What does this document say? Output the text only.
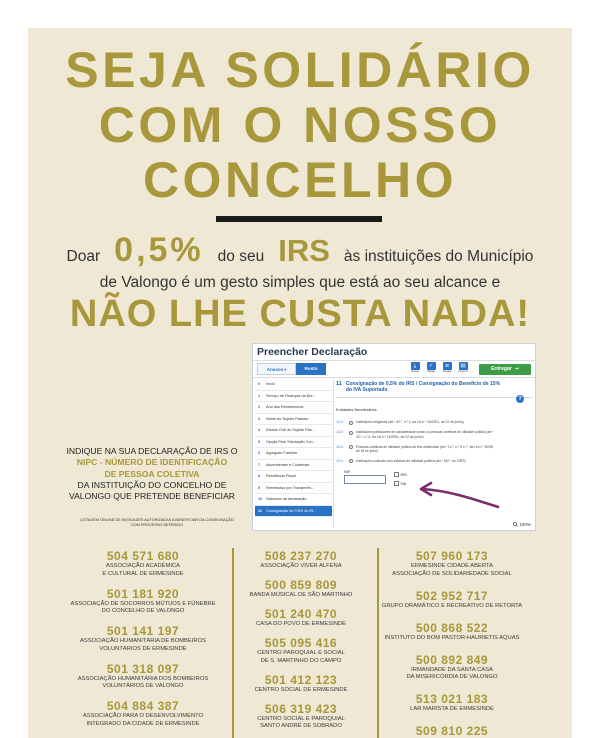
SEJA SOLIDÁRIO
COM O NOSSO
CONCELHO
Doar 0,5% do seu IRS às instituições do Município
de Valongo é um gesto simples que está ao seu alcance e
NÃO LHE CUSTA NADA!
Preencher Declaração
Anexos▾	Rosto	⤓
Gravar
✓
Validar
≡
Simular
▤
Imprimir	Entregar →
0 Início
1 Serviço de Finanças da Áre...
2 Ano dos Rendimentos
3 Nome do Sujeito Passivo
4 Estado Civil do Sujeito Pas...
5 Opção Pela Tributação Con...
6 Agregado Familiar
7 Ascendentes e Colaterais
8 Residência Fiscal
9 Reembolso por Transferên...
10 Natureza da declaração
11 Consignação de 0,5% do IR...
11 Consignação de 0,5% do IRS / Consignação do Benefício de 15%
do IVA Suportado
?
Entidades Beneficiárias
1101	Instituições religiosas (art.º 32.º, n.º 4, da Lei n.º 16/2001, de 22 de junho)
1102	Instituições particulares de solidariedade social ou pessoas coletivas de utilidade pública (art.º 32.º, n.º 6, da Lei n.º 16/2001, de 22 de junho)
1103	Pessoas coletivas de utilidade pública de fins ambientais (art.º 14.º, n.º 6 e 7, da Lei n.º 35/98, de 18 de julho)
1104	Instituições culturais com estatuto de utilidade pública (art.º 152.º do CIRS)
NIF
IRS
IVA
100%
INDIQUE NA SUA DECLARAÇÃO DE IRS O
NIPC - NÚMERO DE IDENTIFICAÇÃO
DE PESSOA COLETIVA
DA INSTITUIÇÃO DO CONCELHO DE
VALONGO QUE PRETENDE BENEFICIAR
LISTAGEM ONLINE DE ENTIDADES AUTORIZADAS A BENEFICIAR DA CONSIGNAÇÃO
COM PROCESSO DEFERIDO
504 571 680
ASSOCIAÇÃO ACADÉMICA
E CULTURAL DE ERMESINDE
501 181 920
ASSOCIAÇÃO DE SOCORROS MÚTUOS E FÚNEBRE
DO CONCELHO DE VALONGO
501 141 197
ASSOCIAÇÃO HUMANITÁRIA DE BOMBEIROS
VOLUNTÁRIOS DE ERMESINDE
501 318 097
ASSOCIAÇÃO HUMANITÁRIA DOS BOMBEIROS
VOLUNTÁRIOS DE VALONGO
504 884 387
ASSOCIAÇÃO PARA O DESENVOLVIMENTO
INTEGRADO DA CIDADE DE ERMESINDE
508 237 270
ASSOCIAÇÃO VIVER ALFENA
500 859 809
BANDA MUSICAL DE SÃO MARTINHO
501 240 470
CASA DO POVO DE ERMESINDE
505 095 416
CENTRO PAROQUIAL E SOCIAL
DE S. MARTINHO DO CAMPO
501 412 123
CENTRO SOCIAL DE ERMESINDE
506 319 423
CENTRO SOCIAL E PAROQUIAL
SANTO ANDRÉ DE SOBRADO
507 960 173
ERMESINDE CIDADE ABERTA
ASSOCIAÇÃO DE SOLIDARIEDADE SOCIAL
502 952 717
GRUPO DRAMÁTICO E RECREATIVO DE RETORTA
500 868 522
INSTITUTO DO BOM PASTOR-HAURIETIS AQUAS
500 892 849
IRMANDADE DA SANTA CASA
DA MISERICÓRDIA DE VALONGO
513 021 183
LAR MARISTA DE ERMESINDE
509 810 225
